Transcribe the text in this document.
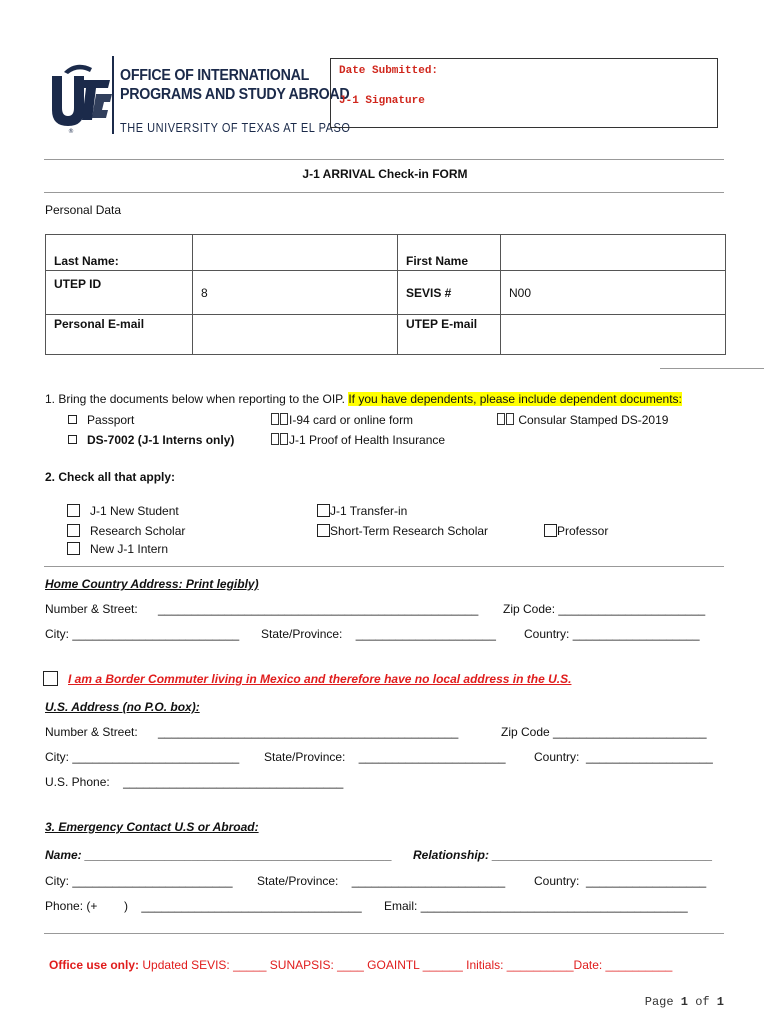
®
OFFICE OF INTERNATIONAL
PROGRAMS AND STUDY ABROAD
THE UNIVERSITY OF TEXAS AT EL PASO
Date Submitted:
J-1 Signature
J-1 ARRIVAL Check-in FORM
Personal Data
Last Name:		First Name	
UTEP ID	8	SEVIS #	N00
Personal E-mail		UTEP E-mail	
1. Bring the documents below when reporting to the OIP. If you have dependents, please include dependent documents:
Passport	I-94 card or online form	Consular Stamped DS-2019
DS-7002 (J-1 Interns only)	J-1 Proof of Health Insurance
2. Check all that apply:
J-1 New Student	J-1 Transfer-in
Research Scholar	Short-Term Research Scholar	Professor
New J-1 Intern
Home Country Address: Print legibly)
Number & Street: ________________________________________________ Zip Code: ______________________
City: _________________________ State/Province: _____________________ Country: ___________________
I am a Border Commuter living in Mexico and therefore have no local address in the U.S.
U.S. Address (no P.O. box):
Number & Street: _____________________________________________	Zip Code _______________________
City: _________________________ State/Province: ______________________ Country: ___________________
U.S. Phone: _________________________________
3. Emergency Contact U.S or Abroad:
Name: ______________________________________________ Relationship: _________________________________
City: ________________________ State/Province: _______________________ Country: __________________
Phone: (+ ) _________________________________ Email: ________________________________________
Office use only: Updated SEVIS: _____ SUNAPSIS: ____ GOAINTL ______ Initials: __________Date: __________
Page 1 of 1
